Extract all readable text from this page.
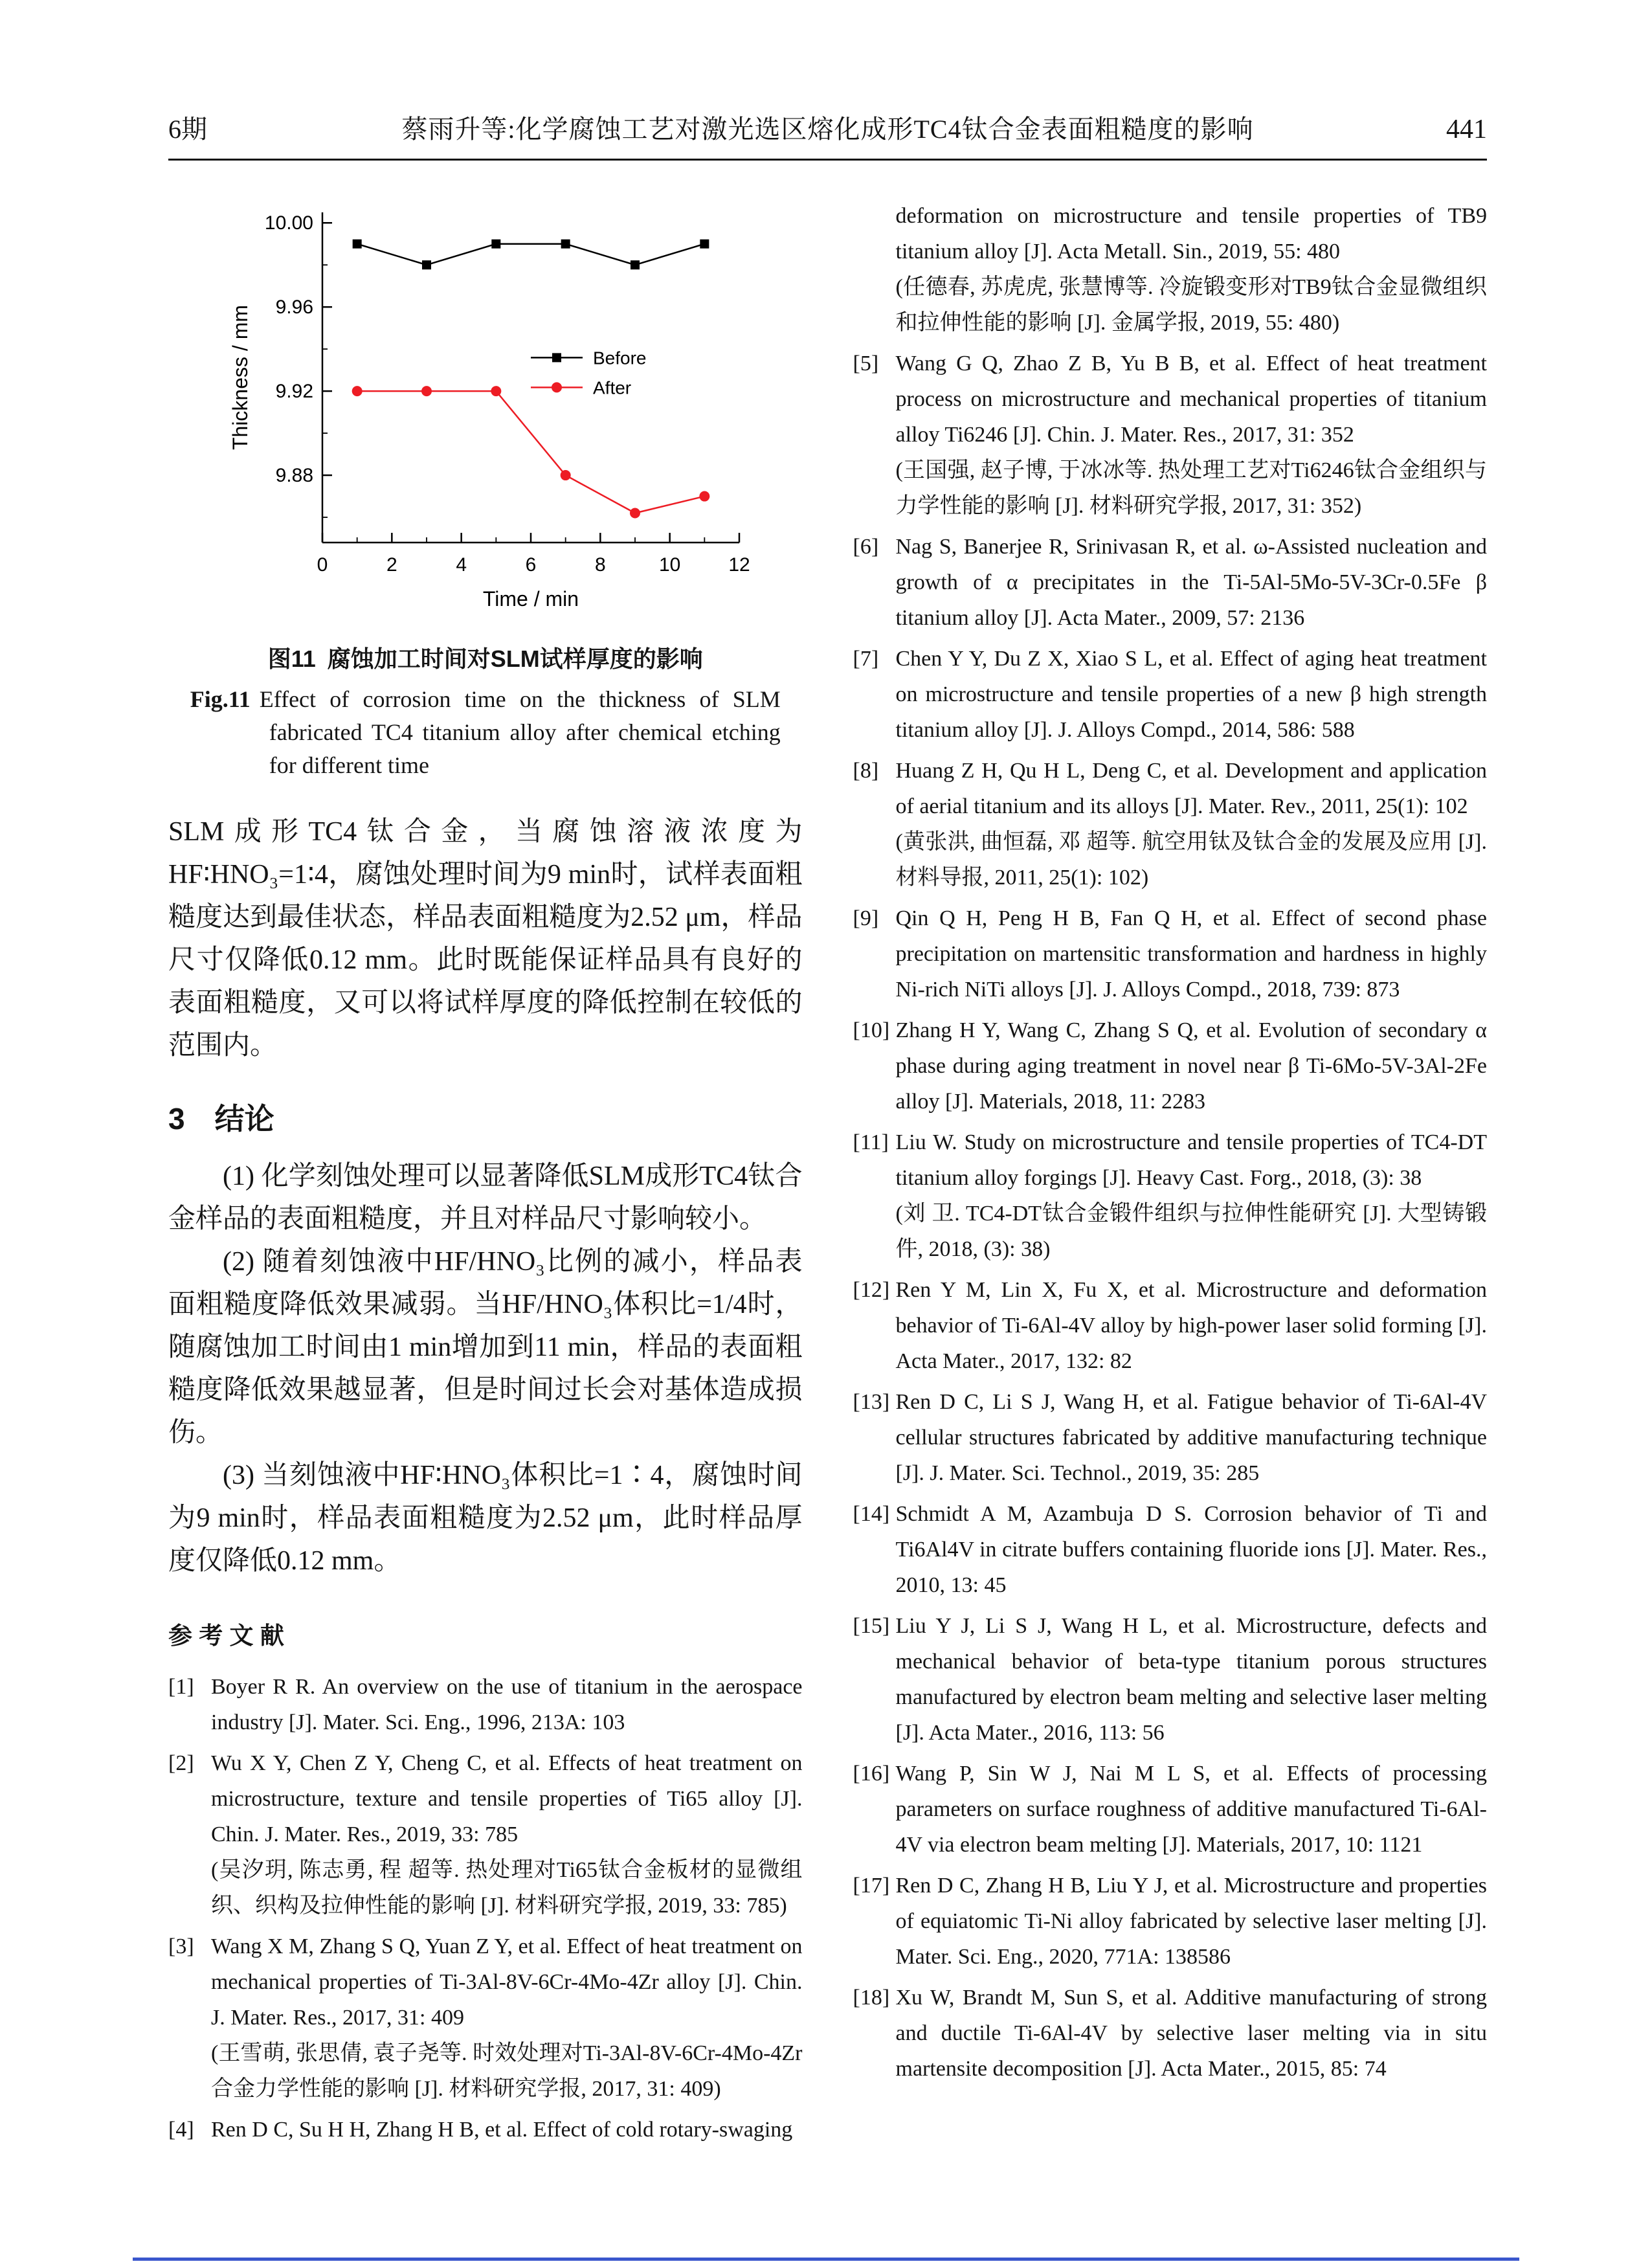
6期	蔡雨升等:化学腐蚀工艺对激光选区熔化成形TC4钛合金表面粗糙度的影响	441
9.88
9.92
9.96
10.00
0	2	4	6	8	10 12
Thickness / mm
Time / min
Before
After
图11 腐蚀加工时间对SLM试样厚度的影响
Fig.11 Effect of corrosion time on the thickness of SLM fabricated TC4 titanium alloy after chemical etching for different time

SLM成形TC4钛合金，当腐蚀溶液浓度为HF∶HNO₃=1∶4，腐蚀处理时间为9 min时，试样表面粗糙度达到最佳状态，样品表面粗糙度为2.52 μm，样品尺寸仅降低0.12 mm。此时既能保证样品具有良好的表面粗糙度，又可以将试样厚度的降低控制在较低的范围内。

3　结论

(1) 化学刻蚀处理可以显著降低SLM成形TC4钛合金样品的表面粗糙度，并且对样品尺寸影响较小。

(2) 随着刻蚀液中HF/HNO₃比例的减小，样品表面粗糙度降低效果减弱。当HF/HNO₃体积比=1/4时，随腐蚀加工时间由1 min增加到11 min，样品的表面粗糙度降低效果越显著，但是时间过长会对基体造成损伤。

(3) 当刻蚀液中HF∶HNO₃体积比=1∶4，腐蚀时间为9 min时，样品表面粗糙度为2.52 μm，此时样品厚度仅降低0.12 mm。

参 考 文 献
[1] Boyer R R. An overview on the use of titanium in the aerospace industry [J]. Mater. Sci. Eng., 1996, 213A: 103
[2] Wu X Y, Chen Z Y, Cheng C, et al. Effects of heat treatment on microstructure, texture and tensile properties of Ti65 alloy [J]. Chin. J. Mater. Res., 2019, 33: 785
(吴汐玥, 陈志勇, 程 超等. 热处理对Ti65钛合金板材的显微组织、织构及拉伸性能的影响 [J]. 材料研究学报, 2019, 33: 785)
[3] Wang X M, Zhang S Q, Yuan Z Y, et al. Effect of heat treatment on mechanical properties of Ti-3Al-8V-6Cr-4Mo-4Zr alloy [J]. Chin. J. Mater. Res., 2017, 31: 409
(王雪萌, 张思倩, 袁子尧等. 时效处理对Ti-3Al-8V-6Cr-4Mo-4Zr合金力学性能的影响 [J]. 材料研究学报, 2017, 31: 409)
[4] Ren D C, Su H H, Zhang H B, et al. Effect of cold rotary-swaging
deformation on microstructure and tensile properties of TB9 titanium alloy [J]. Acta Metall. Sin., 2019, 55: 480
(任德春, 苏虎虎, 张慧博等. 冷旋锻变形对TB9钛合金显微组织和拉伸性能的影响 [J]. 金属学报, 2019, 55: 480)
[5] Wang G Q, Zhao Z B, Yu B B, et al. Effect of heat treatment process on microstructure and mechanical properties of titanium alloy Ti6246 [J]. Chin. J. Mater. Res., 2017, 31: 352
(王国强, 赵子博, 于冰冰等. 热处理工艺对Ti6246钛合金组织与力学性能的影响 [J]. 材料研究学报, 2017, 31: 352)
[6] Nag S, Banerjee R, Srinivasan R, et al. ω-Assisted nucleation and growth of α precipitates in the Ti-5Al-5Mo-5V-3Cr-0.5Fe β titanium alloy [J]. Acta Mater., 2009, 57: 2136
[7] Chen Y Y, Du Z X, Xiao S L, et al. Effect of aging heat treatment on microstructure and tensile properties of a new β high strength titanium alloy [J]. J. Alloys Compd., 2014, 586: 588
[8] Huang Z H, Qu H L, Deng C, et al. Development and application of aerial titanium and its alloys [J]. Mater. Rev., 2011, 25(1): 102
(黄张洪, 曲恒磊, 邓 超等. 航空用钛及钛合金的发展及应用 [J]. 材料导报, 2011, 25(1): 102)
[9] Qin Q H, Peng H B, Fan Q H, et al. Effect of second phase precipitation on martensitic transformation and hardness in highly Ni-rich NiTi alloys [J]. J. Alloys Compd., 2018, 739: 873
[10] Zhang H Y, Wang C, Zhang S Q, et al. Evolution of secondary α phase during aging treatment in novel near β Ti-6Mo-5V-3Al-2Fe alloy [J]. Materials, 2018, 11: 2283
[11] Liu W. Study on microstructure and tensile properties of TC4-DT titanium alloy forgings [J]. Heavy Cast. Forg., 2018, (3): 38
(刘 卫. TC4-DT钛合金锻件组织与拉伸性能研究 [J]. 大型铸锻件, 2018, (3): 38)
[12] Ren Y M, Lin X, Fu X, et al. Microstructure and deformation behavior of Ti-6Al-4V alloy by high-power laser solid forming [J]. Acta Mater., 2017, 132: 82
[13] Ren D C, Li S J, Wang H, et al. Fatigue behavior of Ti-6Al-4V cellular structures fabricated by additive manufacturing technique [J]. J. Mater. Sci. Technol., 2019, 35: 285
[14] Schmidt A M, Azambuja D S. Corrosion behavior of Ti and Ti6Al4V in citrate buffers containing fluoride ions [J]. Mater. Res., 2010, 13: 45
[15] Liu Y J, Li S J, Wang H L, et al. Microstructure, defects and mechanical behavior of beta-type titanium porous structures manufactured by electron beam melting and selective laser melting [J]. Acta Mater., 2016, 113: 56
[16] Wang P, Sin W J, Nai M L S, et al. Effects of processing parameters on surface roughness of additive manufactured Ti-6Al-4V via electron beam melting [J]. Materials, 2017, 10: 1121
[17] Ren D C, Zhang H B, Liu Y J, et al. Microstructure and properties of equiatomic Ti-Ni alloy fabricated by selective laser melting [J]. Mater. Sci. Eng., 2020, 771A: 138586
[18] Xu W, Brandt M, Sun S, et al. Additive manufacturing of strong and ductile Ti-6Al-4V by selective laser melting via in situ martensite decomposition [J]. Acta Mater., 2015, 85: 74
